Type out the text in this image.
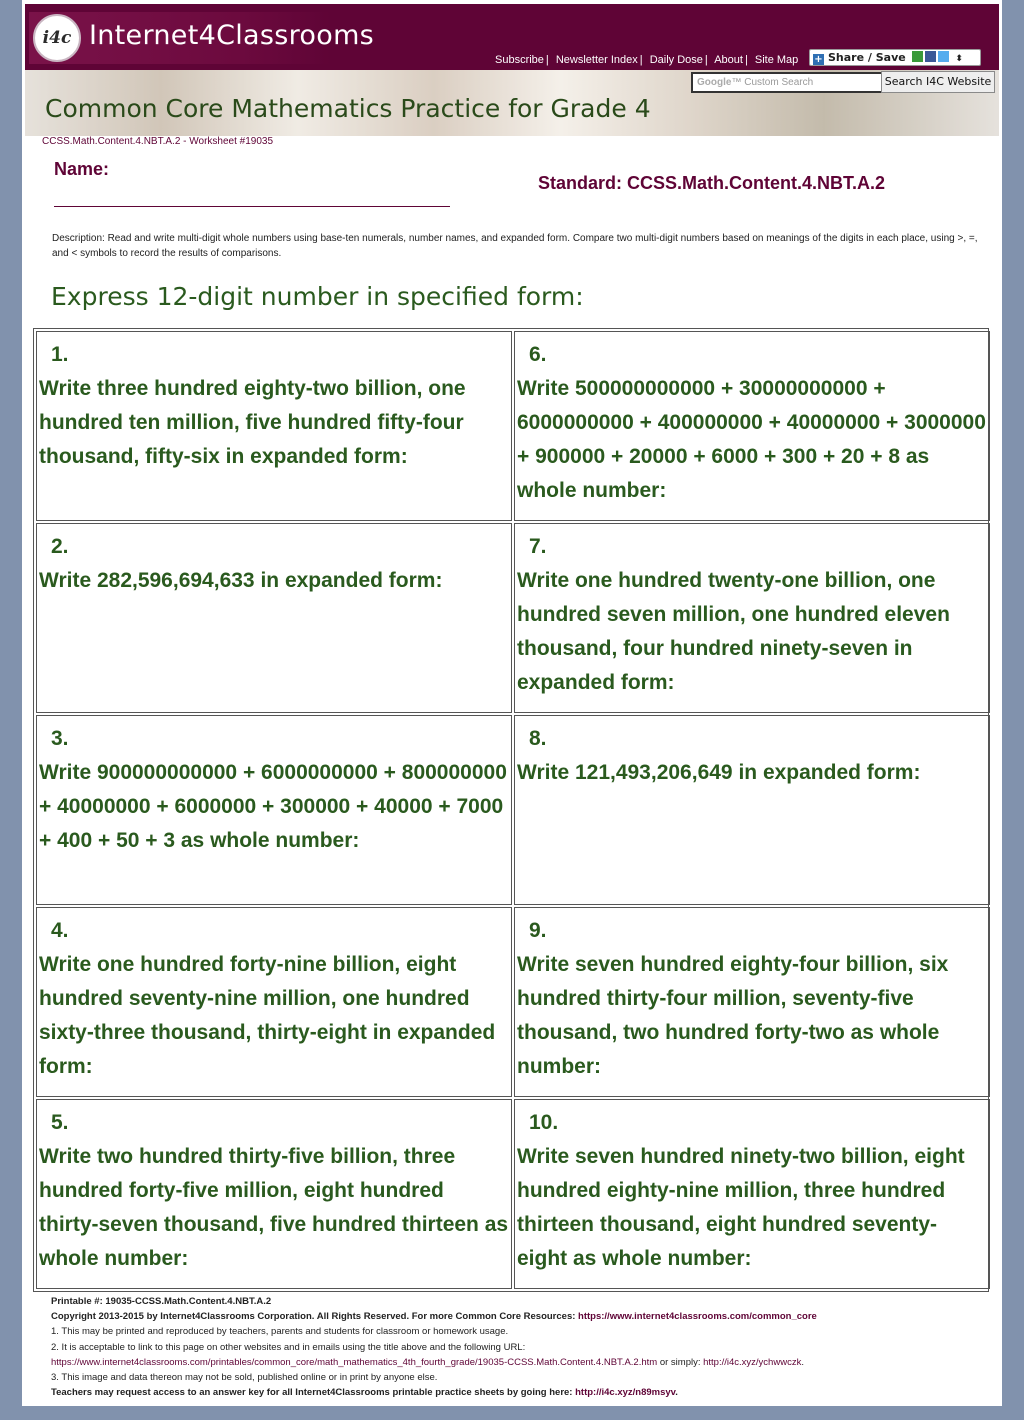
i4c Internet4Classrooms
Subscribe | Newsletter Index | Daily Dose | About | Site Map	+ Share / Save	⬍
Google™ Custom Search	Search I4C Website
Common Core Mathematics Practice for Grade 4
CCSS.Math.Content.4.NBT.A.2 - Worksheet #19035
Name:
Standard: CCSS.Math.Content.4.NBT.A.2
Description: Read and write multi-digit whole numbers using base-ten numerals, number names, and expanded form. Compare two multi-digit numbers based on meanings of the digits in each place, using >, =, and < symbols to record the results of comparisons.
Express 12-digit number in specified form:
1.
Write three hundred eighty-two billion, one hundred ten million, five hundred fifty-four thousand, fifty-six in expanded form:
6.
Write 500000000000 + 30000000000 + 6000000000 + 400000000 + 40000000 + 3000000 + 900000 + 20000 + 6000 + 300 + 20 + 8 as whole number:
2.
Write 282,596,694,633 in expanded form:
7.
Write one hundred twenty-one billion, one hundred seven million, one hundred eleven thousand, four hundred ninety-seven in expanded form:
3.
Write 900000000000 + 6000000000 + 800000000 + 40000000 + 6000000 + 300000 + 40000 + 7000 + 400 + 50 + 3 as whole number:
8.
Write 121,493,206,649 in expanded form:
4.
Write one hundred forty-nine billion, eight hundred seventy-nine million, one hundred sixty-three thousand, thirty-eight in expanded form:
9.
Write seven hundred eighty-four billion, six hundred thirty-four million, seventy-five thousand, two hundred forty-two as whole number:
5.
Write two hundred thirty-five billion, three hundred forty-five million, eight hundred thirty-seven thousand, five hundred thirteen as whole number:
10.
Write seven hundred ninety-two billion, eight hundred eighty-nine million, three hundred thirteen thousand, eight hundred seventy-eight as whole number:
Printable #: 19035-CCSS.Math.Content.4.NBT.A.2
Copyright 2013-2015 by Internet4Classrooms Corporation. All Rights Reserved. For more Common Core Resources: https://www.internet4classrooms.com/common_core
1. This may be printed and reproduced by teachers, parents and students for classroom or homework usage.
2. It is acceptable to link to this page on other websites and in emails using the title above and the following URL:
https://www.internet4classrooms.com/printables/common_core/math_mathematics_4th_fourth_grade/19035-CCSS.Math.Content.4.NBT.A.2.htm or simply: http://i4c.xyz/ychwwczk.
3. This image and data thereon may not be sold, published online or in print by anyone else.
Teachers may request access to an answer key for all Internet4Classrooms printable practice sheets by going here: http://i4c.xyz/n89msyv.
